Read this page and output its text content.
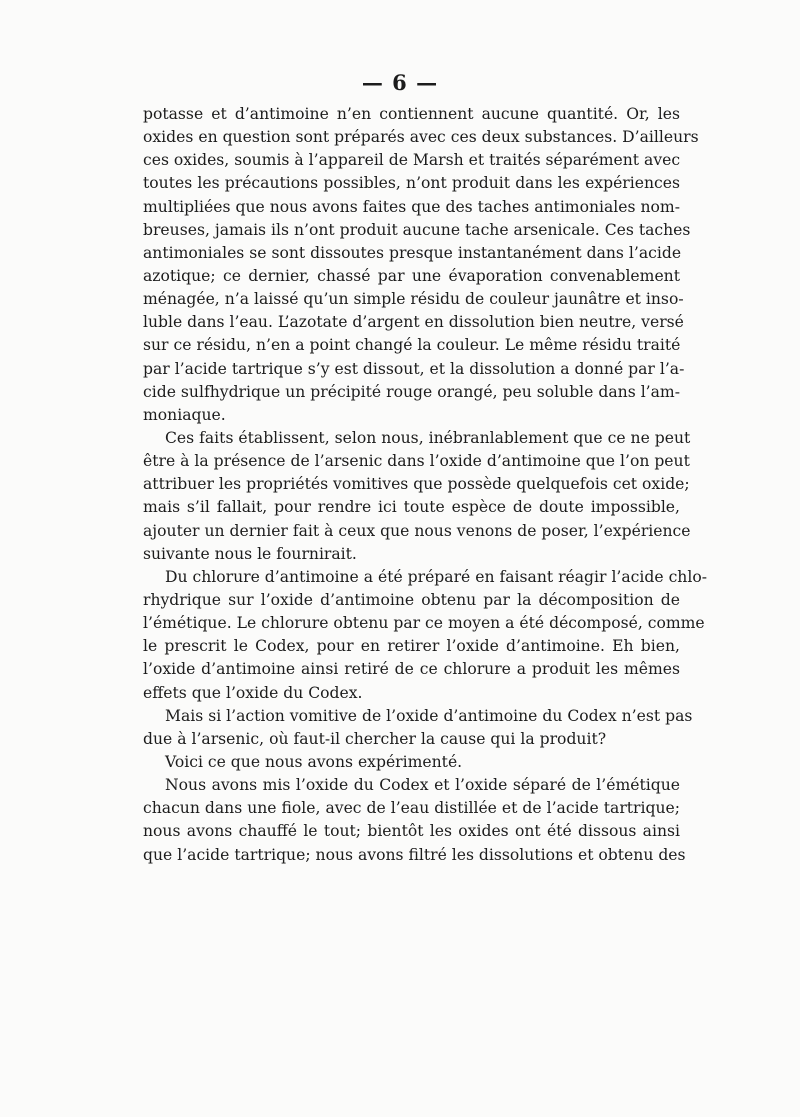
— 6 —
potasse et d’antimoine n’en contiennent aucune quantité. Or, les
oxides en question sont préparés avec ces deux substances. D’ailleurs
ces oxides, soumis à l’appareil de Marsh et traités séparément avec
toutes les précautions possibles, n’ont produit dans les expériences
multipliées que nous avons faites que des taches antimoniales nom-
breuses, jamais ils n’ont produit aucune tache arsenicale. Ces taches
antimoniales se sont dissoutes presque instantanément dans l’acide
azotique; ce dernier, chassé par une évaporation convenablement
ménagée, n’a laissé qu’un simple résidu de couleur jaunâtre et inso-
luble dans l’eau. L’azotate d’argent en dissolution bien neutre, versé
sur ce résidu, n’en a point changé la couleur. Le même résidu traité
par l’acide tartrique s’y est dissout, et la dissolution a donné par l’a-
cide sulfhydrique un précipité rouge orangé, peu soluble dans l’am-
moniaque.
Ces faits établissent, selon nous, inébranlablement que ce ne peut
être à la présence de l’arsenic dans l’oxide d’antimoine que l’on peut
attribuer les propriétés vomitives que possède quelquefois cet oxide;
mais s’il fallait, pour rendre ici toute espèce de doute impossible,
ajouter un dernier fait à ceux que nous venons de poser, l’expérience
suivante nous le fournirait.
Du chlorure d’antimoine a été préparé en faisant réagir l’acide chlo-
rhydrique sur l’oxide d’antimoine obtenu par la décomposition de
l’émétique. Le chlorure obtenu par ce moyen a été décomposé, comme
le prescrit le Codex, pour en retirer l’oxide d’antimoine. Eh bien,
l’oxide d’antimoine ainsi retiré de ce chlorure a produit les mêmes
effets que l’oxide du Codex.
Mais si l’action vomitive de l’oxide d’antimoine du Codex n’est pas
due à l’arsenic, où faut-il chercher la cause qui la produit?
Voici ce que nous avons expérimenté.
Nous avons mis l’oxide du Codex et l’oxide séparé de l’émétique
chacun dans une fiole, avec de l’eau distillée et de l’acide tartrique;
nous avons chauffé le tout; bientôt les oxides ont été dissous ainsi
que l’acide tartrique; nous avons filtré les dissolutions et obtenu des
